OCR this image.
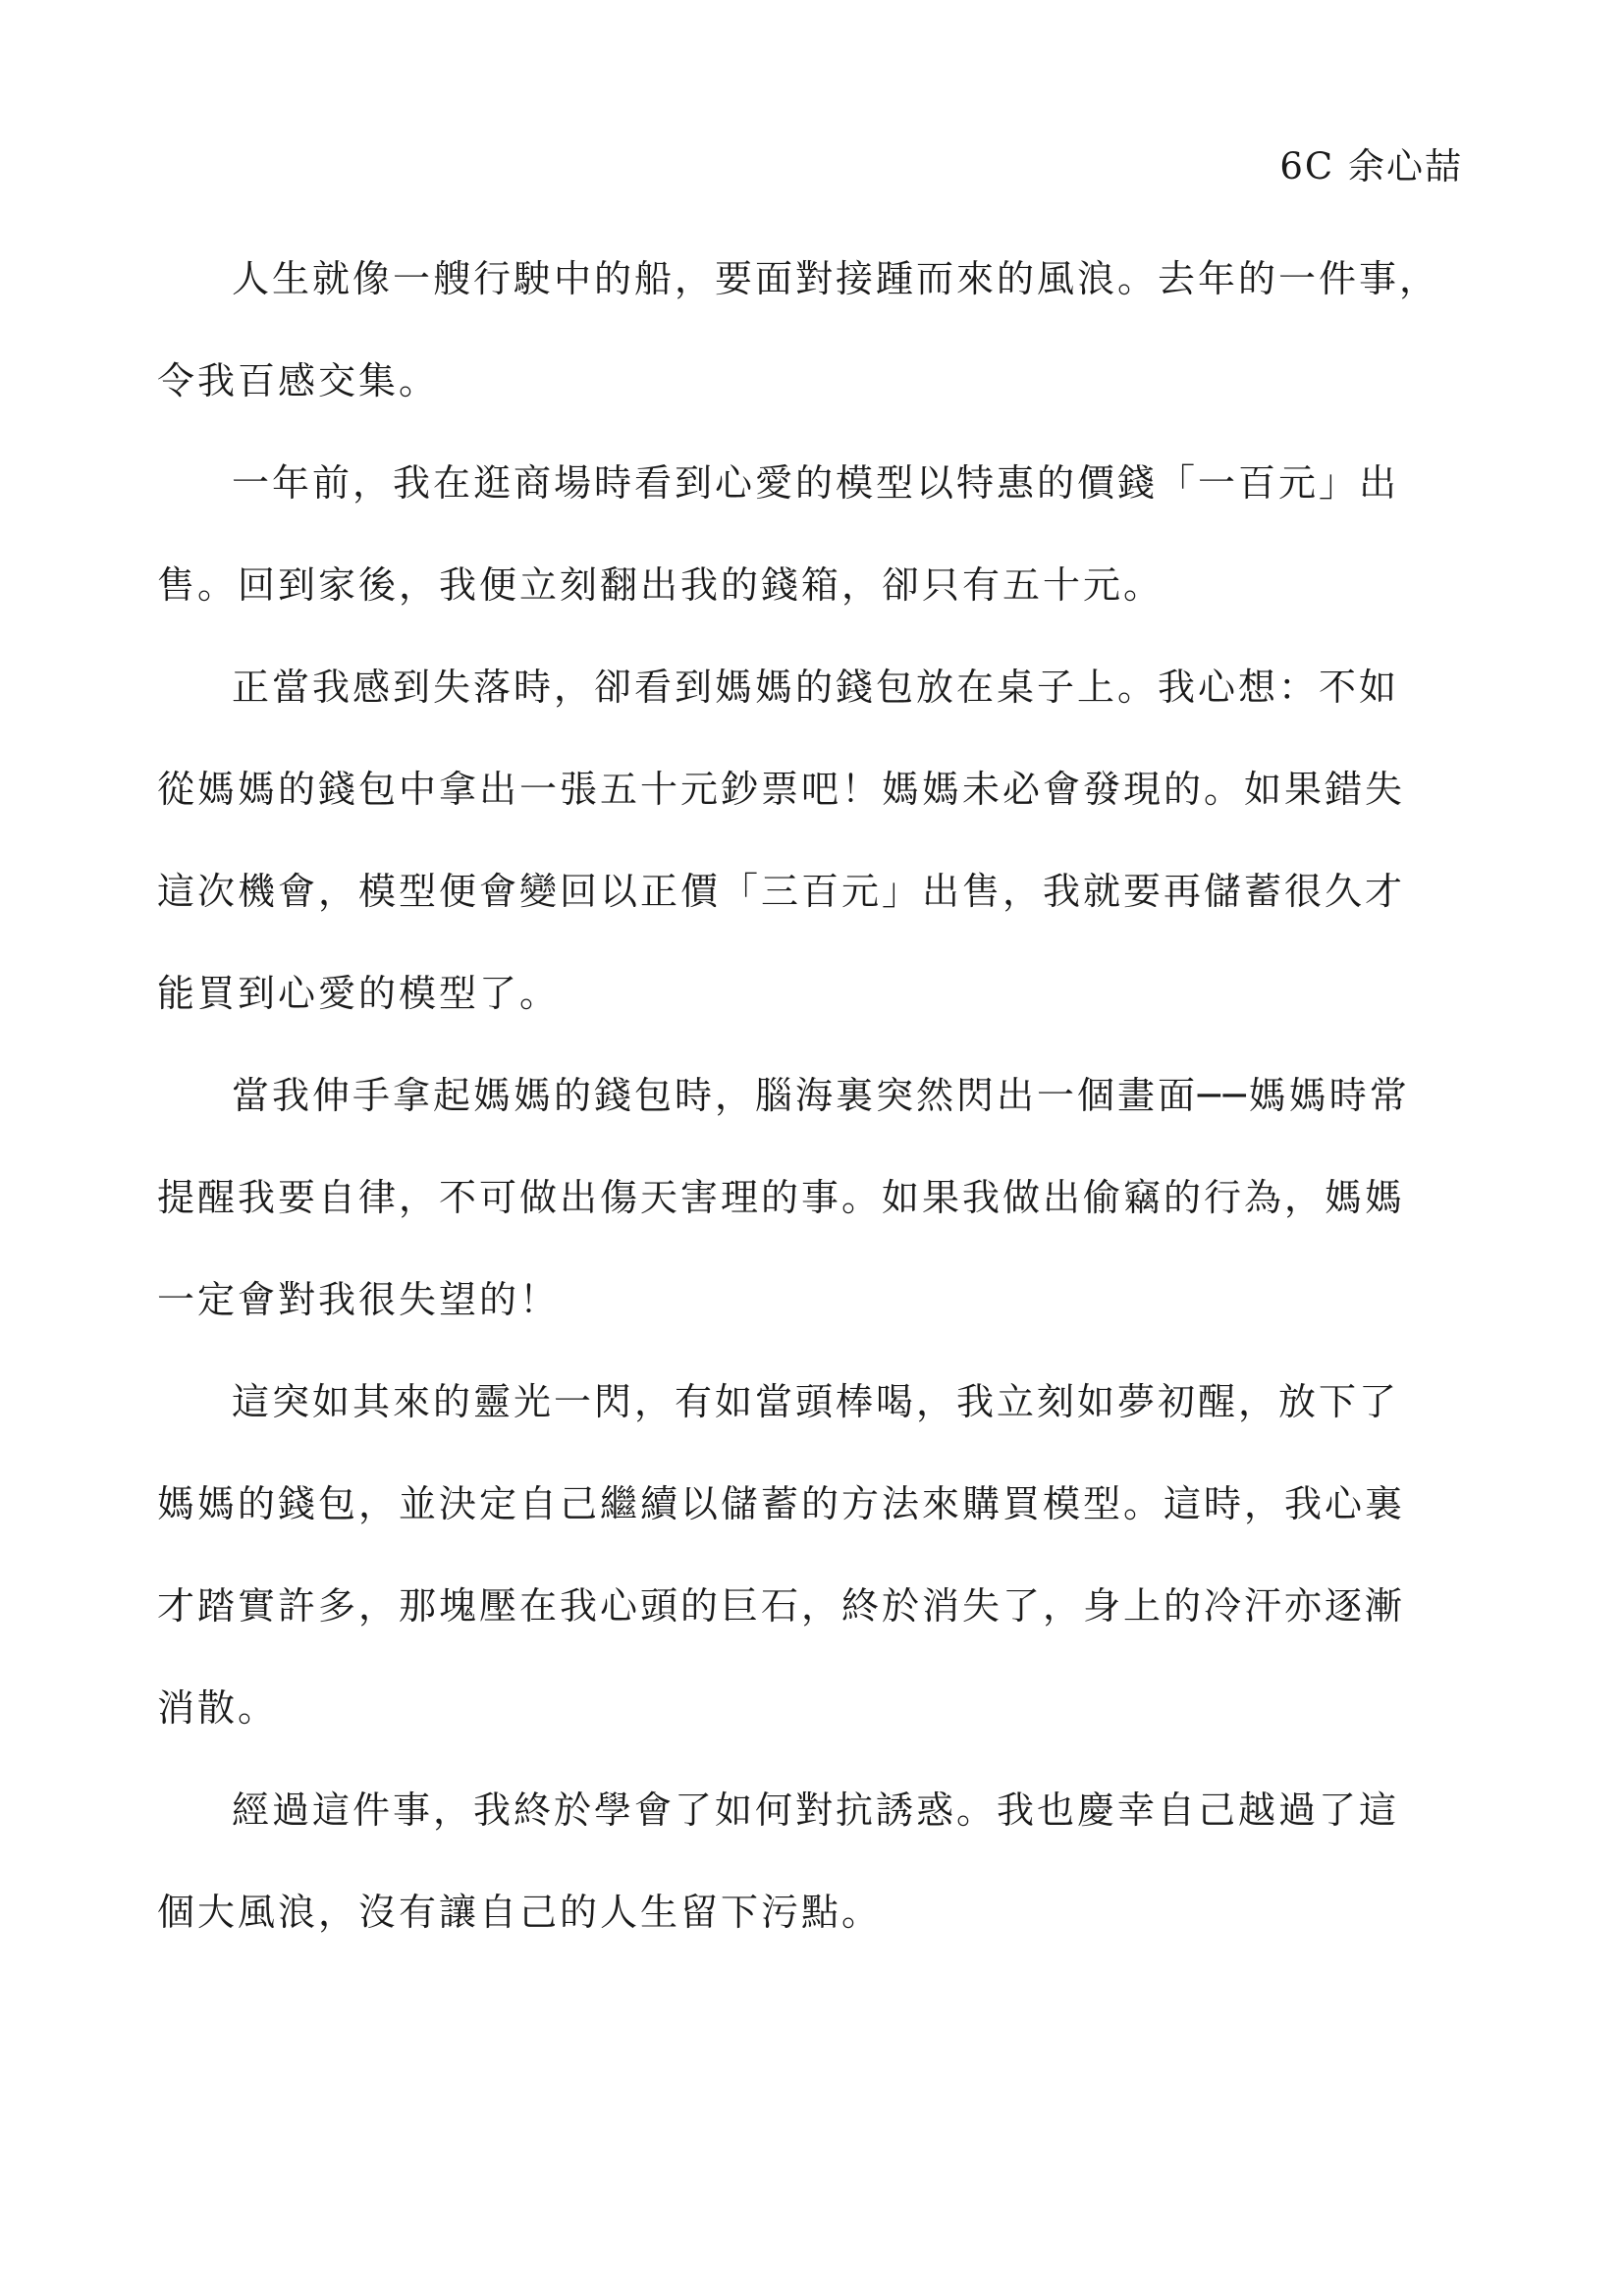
6C 余心喆

人生就像一艘行駛中的船，要面對接踵而來的風浪。去年的一件事，
令我百感交集。

一年前，我在逛商場時看到心愛的模型以特惠的價錢「一百元」出
售。回到家後，我便立刻翻出我的錢箱，卻只有五十元。

正當我感到失落時，卻看到媽媽的錢包放在桌子上。我心想：不如
從媽媽的錢包中拿出一張五十元鈔票吧！媽媽未必會發現的。如果錯失
這次機會，模型便會變回以正價「三百元」出售，我就要再儲蓄很久才
能買到心愛的模型了。

當我伸手拿起媽媽的錢包時，腦海裏突然閃出一個畫面──媽媽時常
提醒我要自律，不可做出傷天害理的事。如果我做出偷竊的行為，媽媽
一定會對我很失望的！

這突如其來的靈光一閃，有如當頭棒喝，我立刻如夢初醒，放下了
媽媽的錢包，並決定自己繼續以儲蓄的方法來購買模型。這時，我心裏
才踏實許多，那塊壓在我心頭的巨石，終於消失了，身上的冷汗亦逐漸
消散。

經過這件事，我終於學會了如何對抗誘惑。我也慶幸自己越過了這
個大風浪，沒有讓自己的人生留下污點。
